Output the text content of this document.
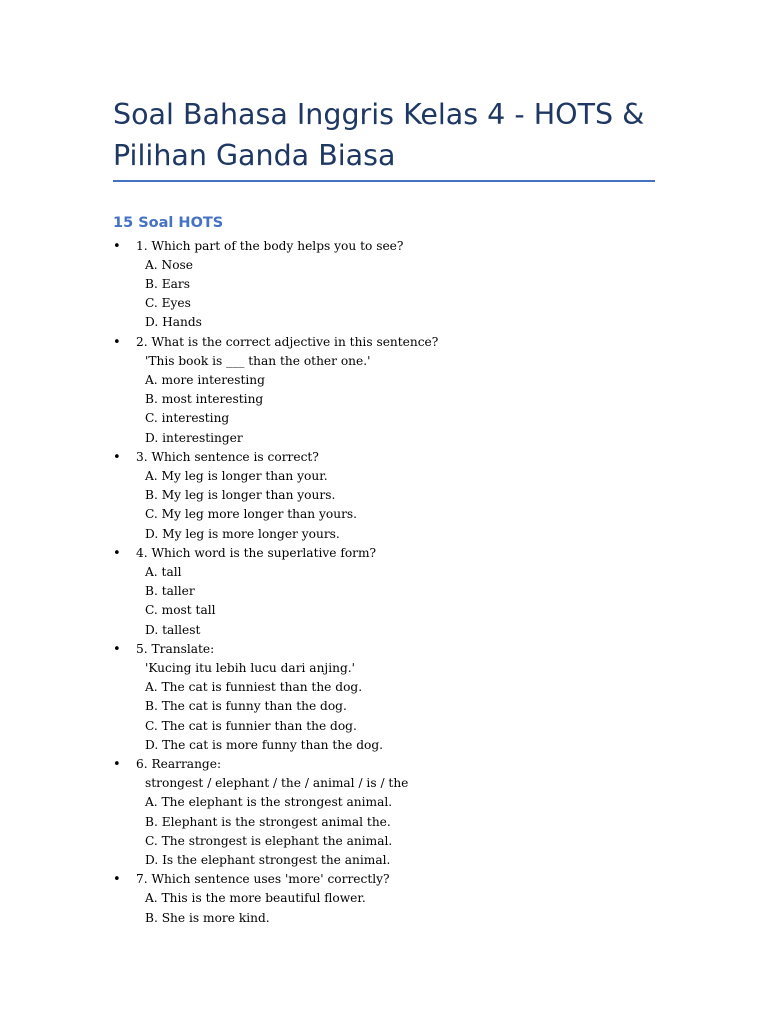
Soal Bahasa Inggris Kelas 4 - HOTS & Pilihan Ganda Biasa
15 Soal HOTS
•	1. Which part of the body helps you to see?

A. Nose

B. Ears

C. Eyes

D. Hands

•	2. What is the correct adjective in this sentence?

'This book is ___ than the other one.'

A. more interesting

B. most interesting

C. interesting

D. interestinger

•	3. Which sentence is correct?

A. My leg is longer than your.

B. My leg is longer than yours.

C. My leg more longer than yours.

D. My leg is more longer yours.

•	4. Which word is the superlative form?

A. tall

B. taller

C. most tall

D. tallest

•	5. Translate:

'Kucing itu lebih lucu dari anjing.'

A. The cat is funniest than the dog.

B. The cat is funny than the dog.

C. The cat is funnier than the dog.

D. The cat is more funny than the dog.

•	6. Rearrange:

strongest / elephant / the / animal / is / the

A. The elephant is the strongest animal.

B. Elephant is the strongest animal the.

C. The strongest is elephant the animal.

D. Is the elephant strongest the animal.

•	7. Which sentence uses 'more' correctly?

A. This is the more beautiful flower.

B. She is more kind.
